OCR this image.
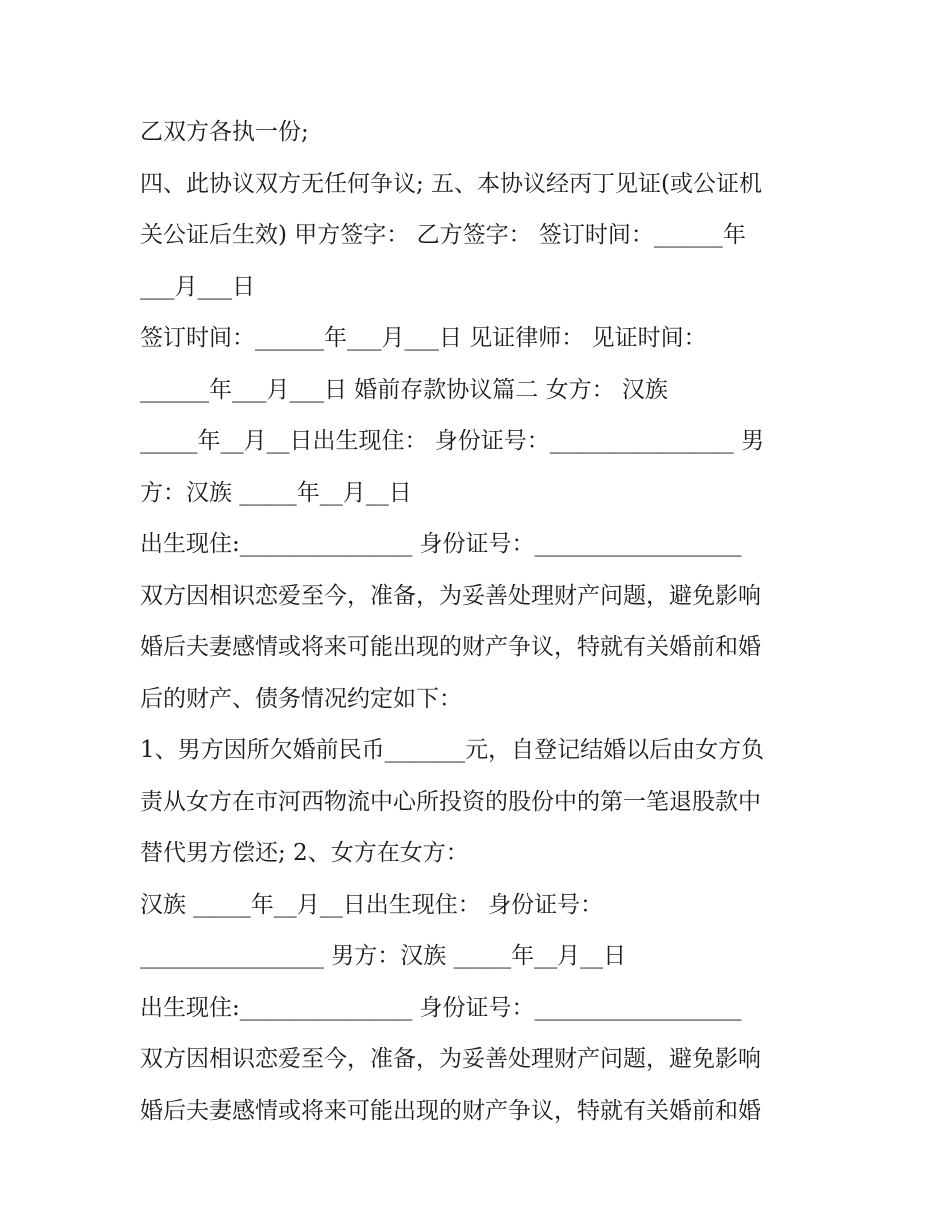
乙双方各执一份;
四、此协议双方无任何争议; 五、本协议经丙丁见证(或公证机
关公证后生效) 甲方签字： 乙方签字： 签订时间：______年
___月___日
签订时间：______年___月___日 见证律师： 见证时间：
______年___月___日 婚前存款协议篇二 女方： 汉族
_____年__月__日出生现住： 身份证号：________________ 男
方：汉族 _____年__月__日
出生现住:_______________ 身份证号：__________________
双方因相识恋爱至今，准备，为妥善处理财产问题，避免影响
婚后夫妻感情或将来可能出现的财产争议，特就有关婚前和婚
后的财产、债务情况约定如下：
1、男方因所欠婚前民币_______元，自登记结婚以后由女方负
责从女方在市河西物流中心所投资的股份中的第一笔退股款中
替代男方偿还; 2、女方在女方：
汉族 _____年__月__日出生现住： 身份证号：
________________ 男方：汉族 _____年__月__日
出生现住:_______________ 身份证号：__________________
双方因相识恋爱至今，准备，为妥善处理财产问题，避免影响
婚后夫妻感情或将来可能出现的财产争议，特就有关婚前和婚
